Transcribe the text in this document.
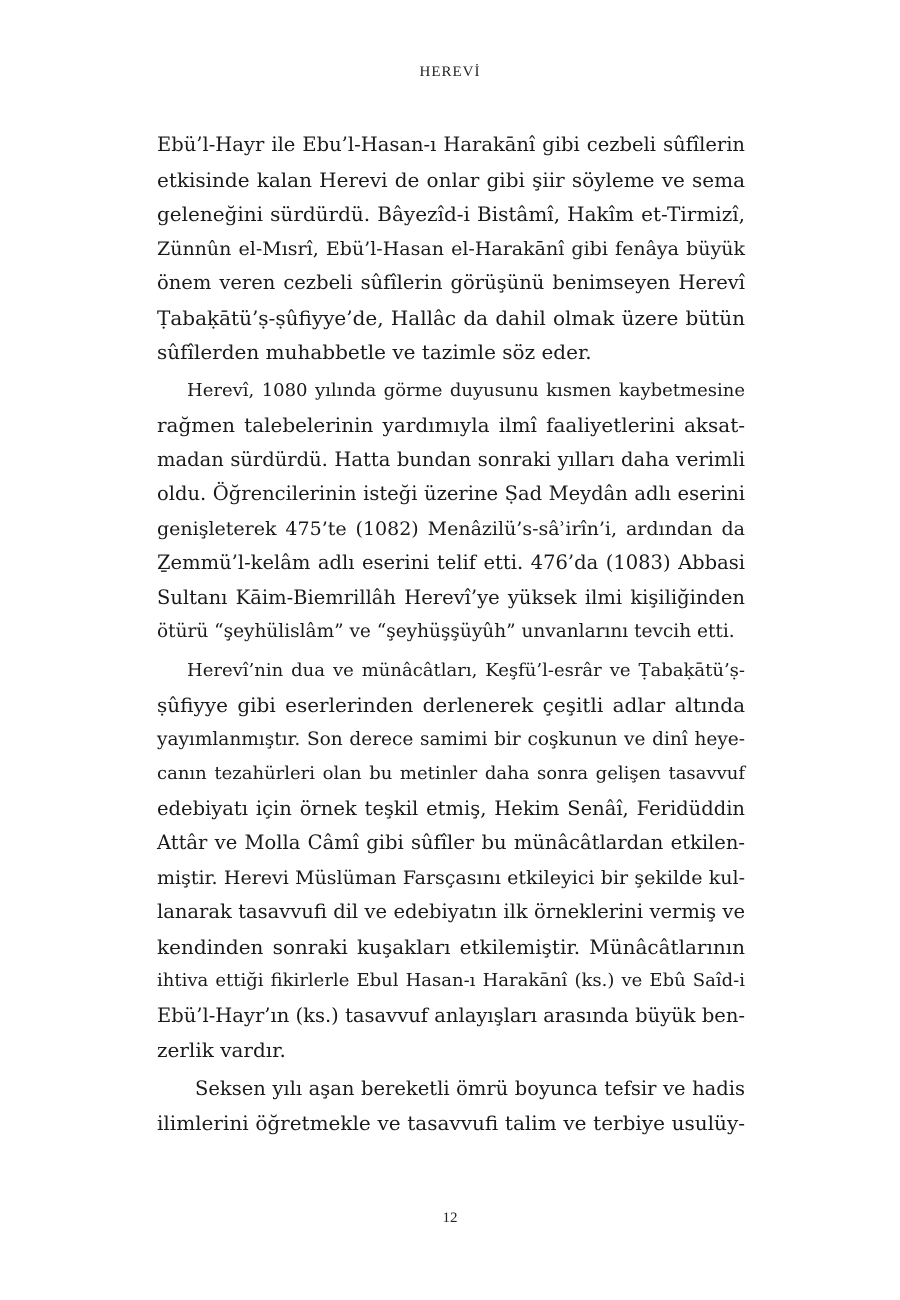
HEREVİ
Ebü’l-Hayr ile Ebu’l-Hasan-ı Harakānî gibi cezbeli sûfîlerin
etkisinde kalan Herevi de onlar gibi şiir söyleme ve sema
geleneğini sürdürdü. Bâyezîd-i Bistâmî, Hakîm et-Tirmizî,
Zünnûn el-Mısrî, Ebü’l-Hasan el-Harakānî gibi fenâya büyük
önem veren cezbeli sûfîlerin görüşünü benimseyen Herevî
Ṭabaḳātü’ṣ-ṣûfiyye’de, Hallâc da dahil olmak üzere bütün
sûfîlerden muhabbetle ve tazimle söz eder.
Herevî, 1080 yılında görme duyusunu kısmen kaybetmesine
rağmen talebelerinin yardımıyla ilmî faaliyetlerini aksat-
madan sürdürdü. Hatta bundan sonraki yılları daha verimli
oldu. Öğrencilerinin isteği üzerine Ṣad Meydân adlı eserini
genişleterek 475’te (1082) Menâzilü’s-sâʾirîn’i, ardından da
Ẕemmü’l-kelâm adlı eserini telif etti. 476’da (1083) Abbasi
Sultanı Kāim-Biemrillâh Herevî’ye yüksek ilmi kişiliğinden
ötürü “şeyhülislâm” ve “şeyhüşşüyûh” unvanlarını tevcih etti.
Herevî’nin dua ve münâcâtları, Keşfü’l-esrâr ve Ṭabaḳātü’ṣ-
ṣûfiyye gibi eserlerinden derlenerek çeşitli adlar altında
yayımlanmıştır. Son derece samimi bir coşkunun ve dinî heye-
canın tezahürleri olan bu metinler daha sonra gelişen tasavvuf
edebiyatı için örnek teşkil etmiş, Hekim Senâî, Feridüddin
Attâr ve Molla Câmî gibi sûfîler bu münâcâtlardan etkilen-
miştir. Herevi Müslüman Farsçasını etkileyici bir şekilde kul-
lanarak tasavvufi dil ve edebiyatın ilk örneklerini vermiş ve
kendinden sonraki kuşakları etkilemiştir. Münâcâtlarının
ihtiva ettiği fikirlerle Ebul Hasan-ı Harakānî (ks.) ve Ebû Saîd-i
Ebü’l-Hayr’ın (ks.) tasavvuf anlayışları arasında büyük ben-
zerlik vardır.
Seksen yılı aşan bereketli ömrü boyunca tefsir ve hadis
ilimlerini öğretmekle ve tasavvufi talim ve terbiye usulüy-
12
